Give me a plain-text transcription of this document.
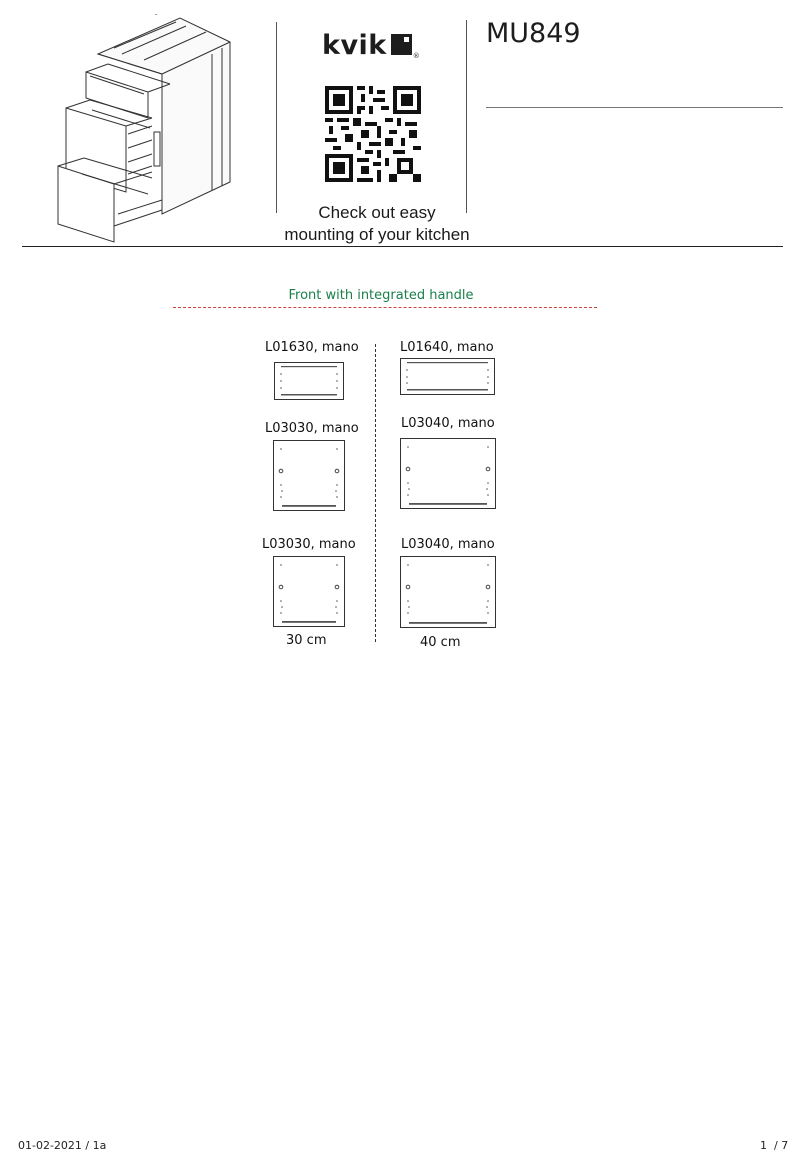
kvik	®
MU849
Check out easy
mounting of your kitchen
Front with integrated handle
L01630, mano
L03030, mano
L03030, mano
30 cm
L01640, mano
L03040, mano
L03040, mano
40 cm
01-02-2021 / 1a	1  / 7
